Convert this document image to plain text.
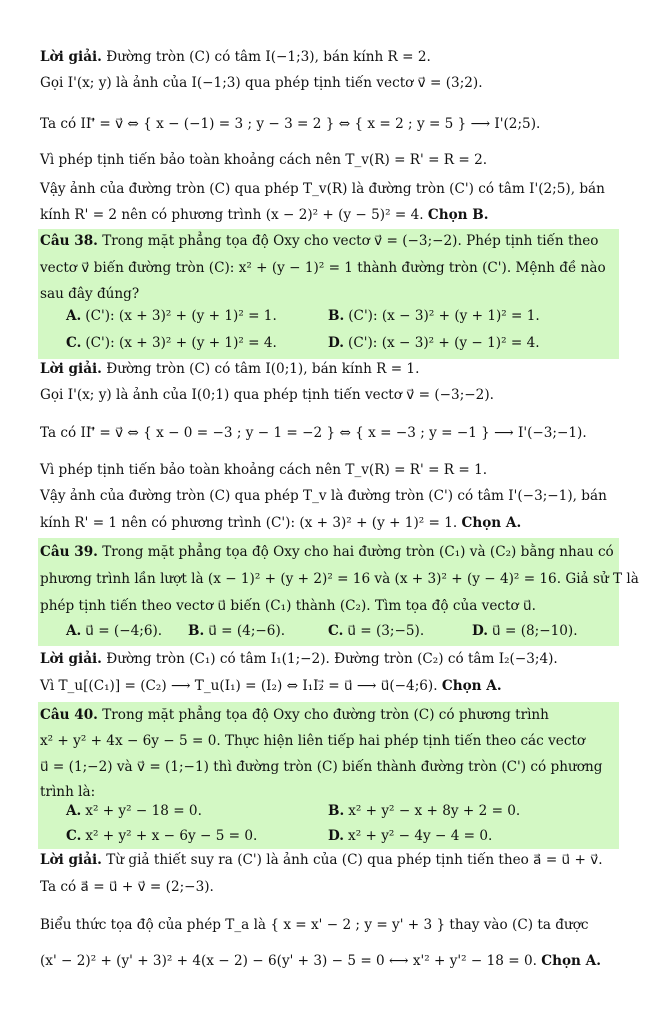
Lời giải. Đường tròn (C) có tâm I(−1;3), bán kính R = 2.
Gọi I'(x; y) là ảnh của I(−1;3) qua phép tịnh tiến vectơ v⃗ = (3;2).
Ta có II'⃗ = v⃗ ⇔ { x − (−1) = 3 ; y − 3 = 2 } ⇔ { x = 2 ; y = 5 } ⟶ I'(2;5).
Vì phép tịnh tiến bảo toàn khoảng cách nên T_v(R) = R' = R = 2.
Vậy ảnh của đường tròn (C) qua phép T_v(R) là đường tròn (C') có tâm I'(2;5), bán
kính R' = 2 nên có phương trình (x − 2)² + (y − 5)² = 4. Chọn B.
Câu 38. Trong mặt phẳng tọa độ Oxy cho vectơ v⃗ = (−3;−2). Phép tịnh tiến theo
vectơ v⃗ biến đường tròn (C): x² + (y − 1)² = 1 thành đường tròn (C'). Mệnh đề nào
sau đây đúng?
A. (C'): (x + 3)² + (y + 1)² = 1.	B. (C'): (x − 3)² + (y + 1)² = 1.
C. (C'): (x + 3)² + (y + 1)² = 4.	D. (C'): (x − 3)² + (y − 1)² = 4.
Lời giải. Đường tròn (C) có tâm I(0;1), bán kính R = 1.
Gọi I'(x; y) là ảnh của I(0;1) qua phép tịnh tiến vectơ v⃗ = (−3;−2).
Ta có II'⃗ = v⃗ ⇔ { x − 0 = −3 ; y − 1 = −2 } ⇔ { x = −3 ; y = −1 } ⟶ I'(−3;−1).
Vì phép tịnh tiến bảo toàn khoảng cách nên T_v(R) = R' = R = 1.
Vậy ảnh của đường tròn (C) qua phép T_v là đường tròn (C') có tâm I'(−3;−1), bán
kính R' = 1 nên có phương trình (C'): (x + 3)² + (y + 1)² = 1. Chọn A.
Câu 39. Trong mặt phẳng tọa độ Oxy cho hai đường tròn (C₁) và (C₂) bằng nhau có
phương trình lần lượt là (x − 1)² + (y + 2)² = 16 và (x + 3)² + (y − 4)² = 16. Giả sử T là
phép tịnh tiến theo vectơ u⃗ biến (C₁) thành (C₂). Tìm tọa độ của vectơ u⃗.
A. u⃗ = (−4;6).	B. u⃗ = (4;−6).	C. u⃗ = (3;−5).	D. u⃗ = (8;−10).
Lời giải. Đường tròn (C₁) có tâm I₁(1;−2). Đường tròn (C₂) có tâm I₂(−3;4).
Vì T_u[(C₁)] = (C₂) ⟶ T_u(I₁) = (I₂) ⇔ I₁I₂⃗ = u⃗ ⟶ u⃗(−4;6). Chọn A.
Câu 40. Trong mặt phẳng tọa độ Oxy cho đường tròn (C) có phương trình
x² + y² + 4x − 6y − 5 = 0. Thực hiện liên tiếp hai phép tịnh tiến theo các vectơ
u⃗ = (1;−2) và v⃗ = (1;−1) thì đường tròn (C) biến thành đường tròn (C') có phương
trình là:
A. x² + y² − 18 = 0.	B. x² + y² − x + 8y + 2 = 0.
C. x² + y² + x − 6y − 5 = 0.	D. x² + y² − 4y − 4 = 0.
Lời giải. Từ giả thiết suy ra (C') là ảnh của (C) qua phép tịnh tiến theo a⃗ = u⃗ + v⃗.
Ta có a⃗ = u⃗ + v⃗ = (2;−3).
Biểu thức tọa độ của phép T_a là { x = x' − 2 ; y = y' + 3 } thay vào (C) ta được
(x' − 2)² + (y' + 3)² + 4(x − 2) − 6(y' + 3) − 5 = 0 ⟷ x'² + y'² − 18 = 0. Chọn A.
